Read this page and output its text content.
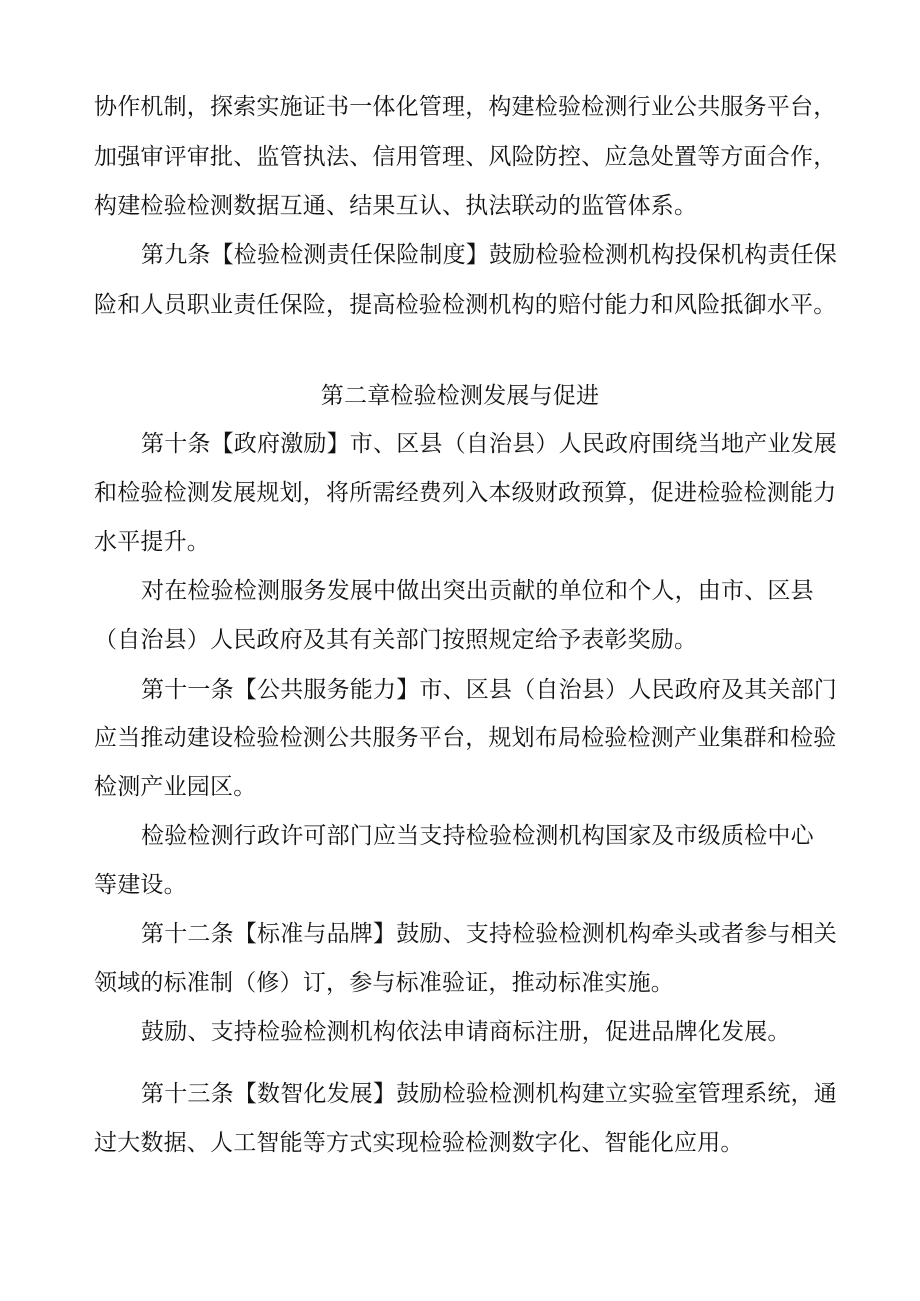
协作机制，探索实施证书一体化管理，构建检验检测行业公共服务平台，
加强审评审批、监管执法、信用管理、风险防控、应急处置等方面合作，
构建检验检测数据互通、结果互认、执法联动的监管体系。
第九条【检验检测责任保险制度】鼓励检验检测机构投保机构责任保
险和人员职业责任保险，提高检验检测机构的赔付能力和风险抵御水平。
第二章检验检测发展与促进
第十条【政府激励】市、区县（自治县）人民政府围绕当地产业发展
和检验检测发展规划，将所需经费列入本级财政预算，促进检验检测能力
水平提升。
对在检验检测服务发展中做出突出贡献的单位和个人，由市、区县
（自治县）人民政府及其有关部门按照规定给予表彰奖励。
第十一条【公共服务能力】市、区县（自治县）人民政府及其关部门
应当推动建设检验检测公共服务平台，规划布局检验检测产业集群和检验
检测产业园区。
检验检测行政许可部门应当支持检验检测机构国家及市级质检中心
等建设。
第十二条【标准与品牌】鼓励、支持检验检测机构牵头或者参与相关
领域的标准制（修）订，参与标准验证，推动标准实施。
鼓励、支持检验检测机构依法申请商标注册，促进品牌化发展。
第十三条【数智化发展】鼓励检验检测机构建立实验室管理系统，通
过大数据、人工智能等方式实现检验检测数字化、智能化应用。
